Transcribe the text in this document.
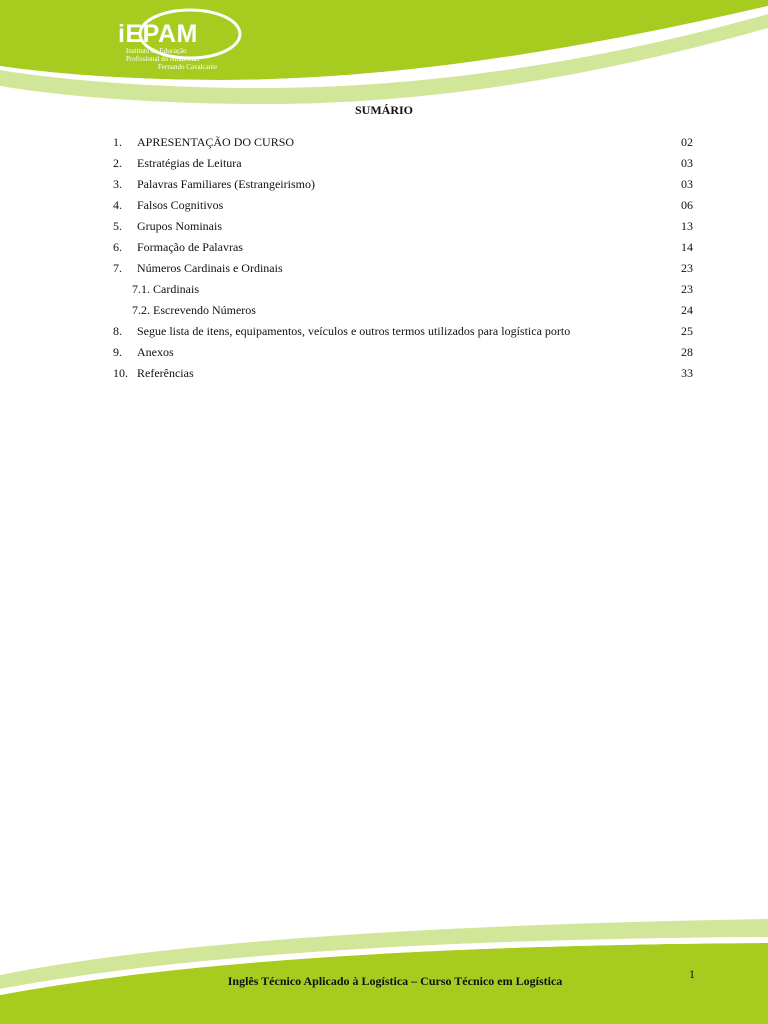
iEPAM
Instituto de Educação
Profissional do Amazonas
Fernando Cavalcante
SUMÁRIO
1. APRESENTAÇÃO DO CURSO	02
2. Estratégias de Leitura	03
3. Palavras Familiares (Estrangeirismo)	03
4. Falsos Cognitivos	06
5. Grupos Nominais	13
6. Formação de Palavras	14
7. Números Cardinais e Ordinais	23
7.1. Cardinais	23
7.2. Escrevendo Números	24
8. Segue lista de itens, equipamentos, veículos e outros termos utilizados para logística porto	25
9. Anexos	28
10. Referências	33
Inglês Técnico Aplicado à Logística – Curso Técnico em Logística	1
